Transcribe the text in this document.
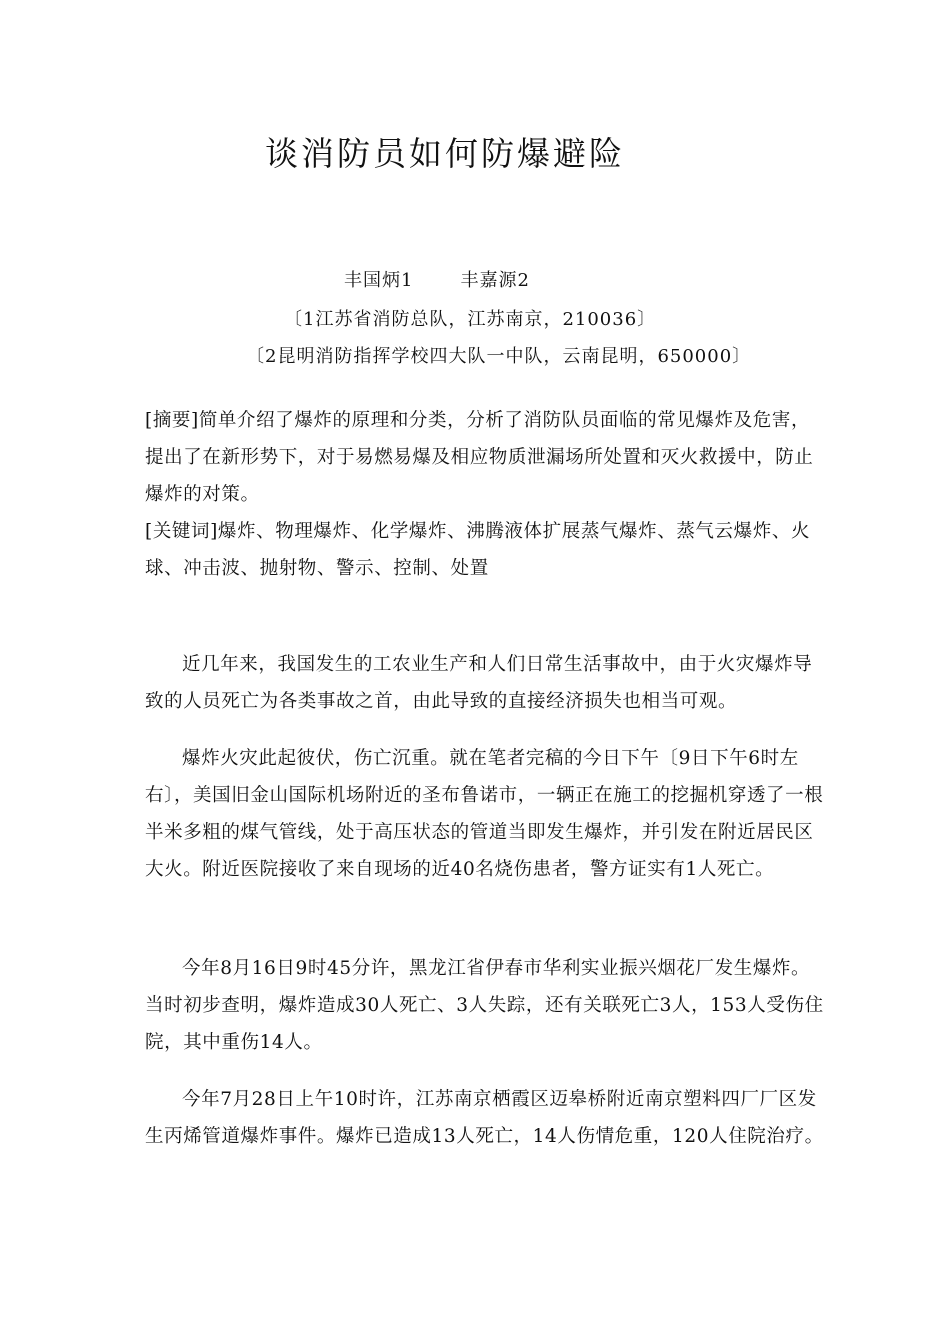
谈消防员如何防爆避险
丰国炳1       丰嘉源2
〔1江苏省消防总队，江苏南京，210036〕
〔2昆明消防指挥学校四大队一中队，云南昆明，650000〕

[摘要]简单介绍了爆炸的原理和分类，分析了消防队员面临的常见爆炸及危害，提出了在新形势下，对于易燃易爆及相应物质泄漏场所处置和灭火救援中，防止爆炸的对策。

[关键词]爆炸、物理爆炸、化学爆炸、沸腾液体扩展蒸气爆炸、蒸气云爆炸、火球、冲击波、抛射物、警示、控制、处置

近几年来，我国发生的工农业生产和人们日常生活事故中，由于火灾爆炸导致的人员死亡为各类事故之首，由此导致的直接经济损失也相当可观。

爆炸火灾此起彼伏，伤亡沉重。就在笔者完稿的今日下午〔9日下午6时左右〕，美国旧金山国际机场附近的圣布鲁诺市，一辆正在施工的挖掘机穿透了一根半米多粗的煤气管线，处于高压状态的管道当即发生爆炸，并引发在附近居民区大火。附近医院接收了来自现场的近40名烧伤患者，警方证实有1人死亡。

今年8月16日9时45分许，黑龙江省伊春市华利实业振兴烟花厂发生爆炸。当时初步查明，爆炸造成30人死亡、3人失踪，还有关联死亡3人，153人受伤住院，其中重伤14人。

今年7月28日上午10时许，江苏南京栖霞区迈皋桥附近南京塑料四厂厂区发生丙烯管道爆炸事件。爆炸已造成13人死亡，14人伤情危重，120人住院治疗。
